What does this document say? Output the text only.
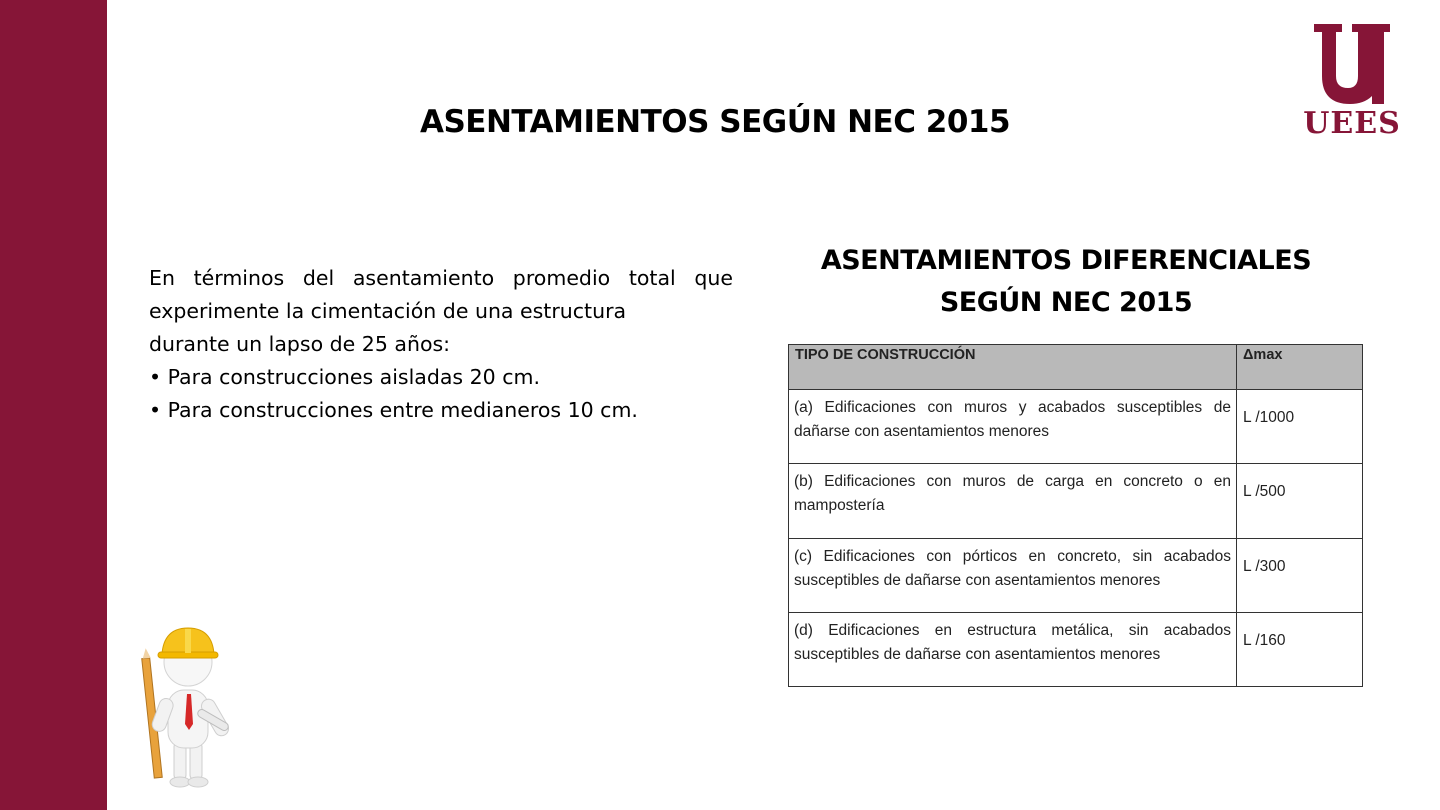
UEES
ASENTAMIENTOS SEGÚN NEC 2015
En términos del asentamiento promedio total que
experimente la cimentación de una estructura
durante un lapso de 25 años:
• Para construcciones aisladas 20 cm.
• Para construcciones entre medianeros 10 cm.
ASENTAMIENTOS DIFERENCIALES
SEGÚN NEC 2015
TIPO DE CONSTRUCCIÓN	Δmax
(a) Edificaciones con muros y acabados susceptibles de dañarse con asentamientos menores	L /1000
(b) Edificaciones con muros de carga en concreto o en mampostería	L /500
(c) Edificaciones con pórticos en concreto, sin acabados susceptibles de dañarse con asentamientos menores	L /300
(d) Edificaciones en estructura metálica, sin acabados susceptibles de dañarse con asentamientos menores	L /160
